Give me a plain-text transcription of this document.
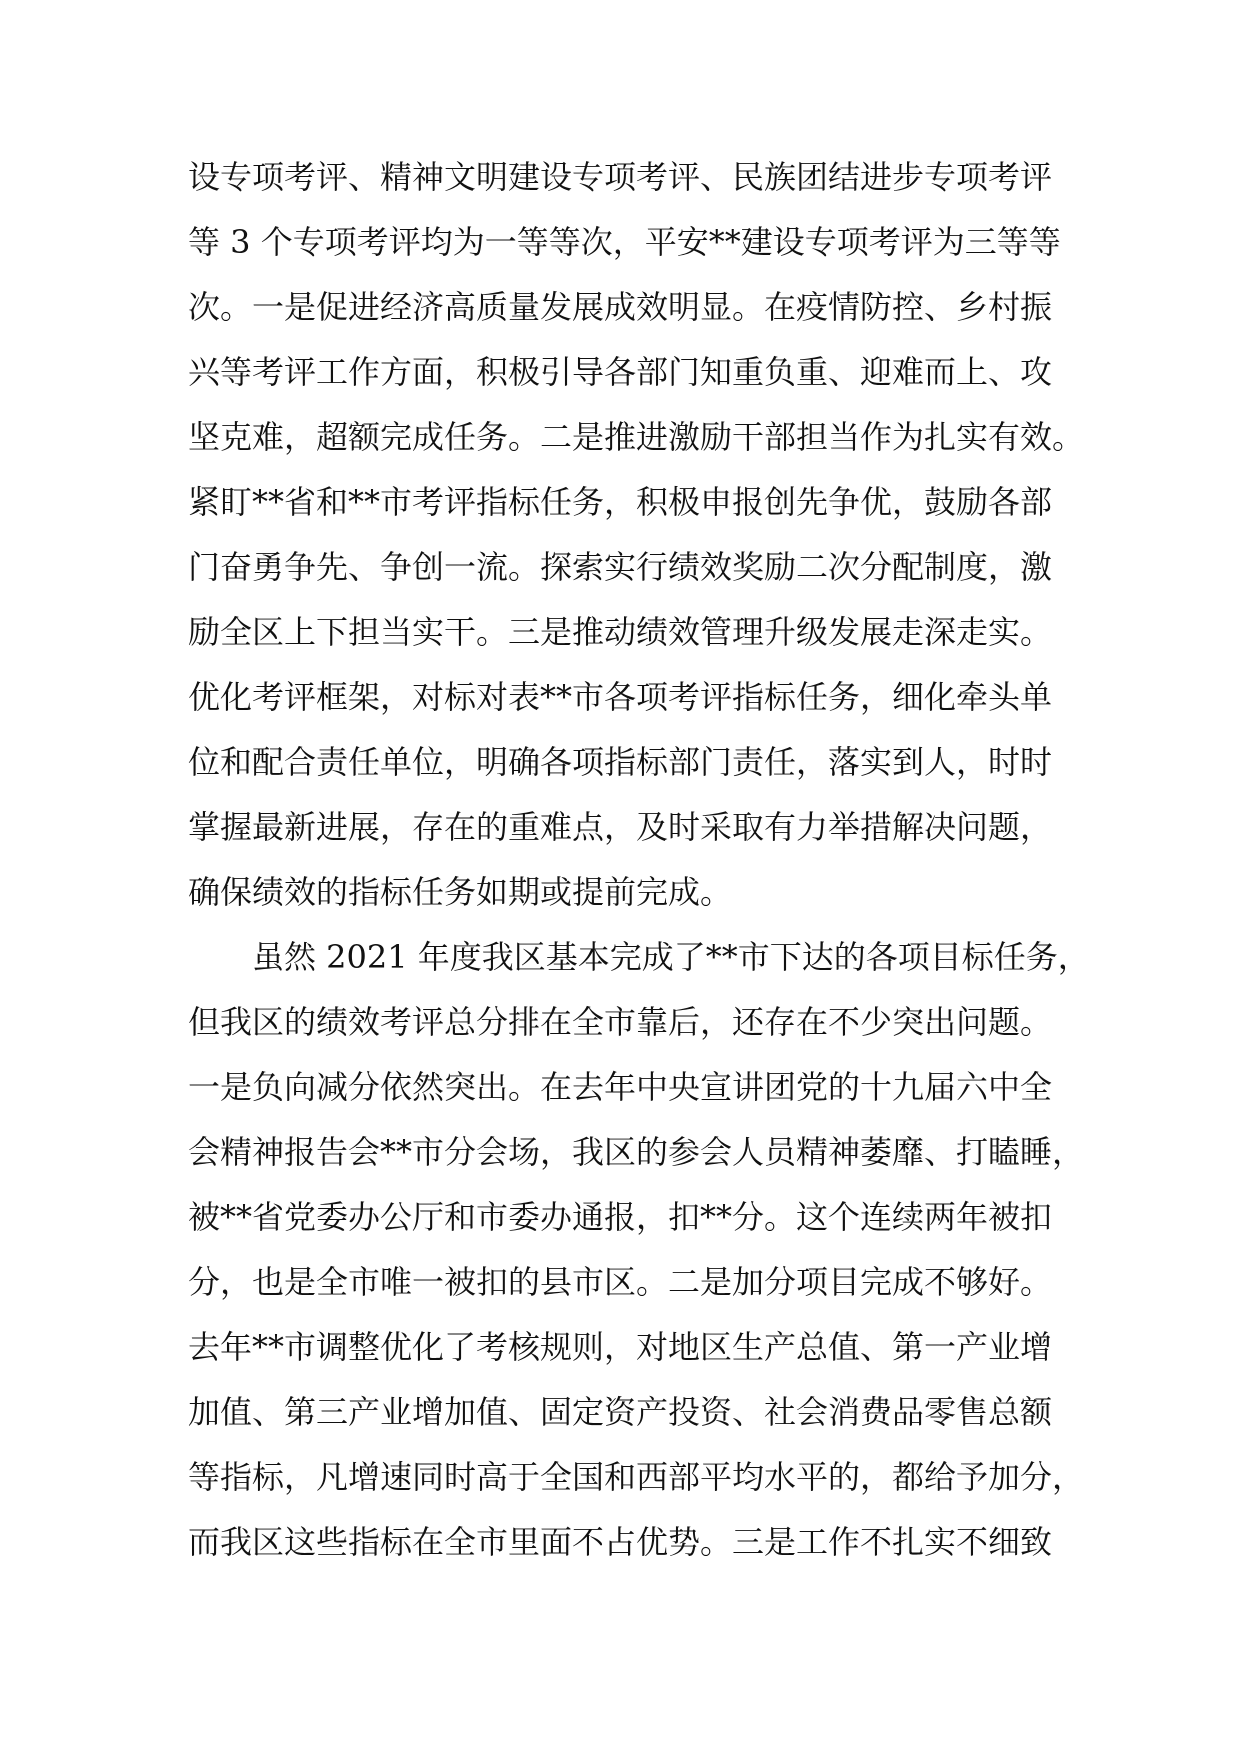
设专项考评、精神文明建设专项考评、民族团结进步专项考评
等 3 个专项考评均为一等等次，平安**建设专项考评为三等等
次。一是促进经济高质量发展成效明显。在疫情防控、乡村振
兴等考评工作方面，积极引导各部门知重负重、迎难而上、攻
坚克难，超额完成任务。二是推进激励干部担当作为扎实有效。
紧盯**省和**市考评指标任务，积极申报创先争优，鼓励各部
门奋勇争先、争创一流。探索实行绩效奖励二次分配制度，激
励全区上下担当实干。三是推动绩效管理升级发展走深走实。
优化考评框架，对标对表**市各项考评指标任务，细化牵头单
位和配合责任单位，明确各项指标部门责任，落实到人，时时
掌握最新进展，存在的重难点，及时采取有力举措解决问题，
确保绩效的指标任务如期或提前完成。
虽然 2021 年度我区基本完成了**市下达的各项目标任务，
但我区的绩效考评总分排在全市靠后，还存在不少突出问题。
一是负向减分依然突出。在去年中央宣讲团党的十九届六中全
会精神报告会**市分会场，我区的参会人员精神萎靡、打瞌睡，
被**省党委办公厅和市委办通报，扣**分。这个连续两年被扣
分，也是全市唯一被扣的县市区。二是加分项目完成不够好。
去年**市调整优化了考核规则，对地区生产总值、第一产业增
加值、第三产业增加值、固定资产投资、社会消费品零售总额
等指标，凡增速同时高于全国和西部平均水平的，都给予加分，
而我区这些指标在全市里面不占优势。三是工作不扎实不细致
